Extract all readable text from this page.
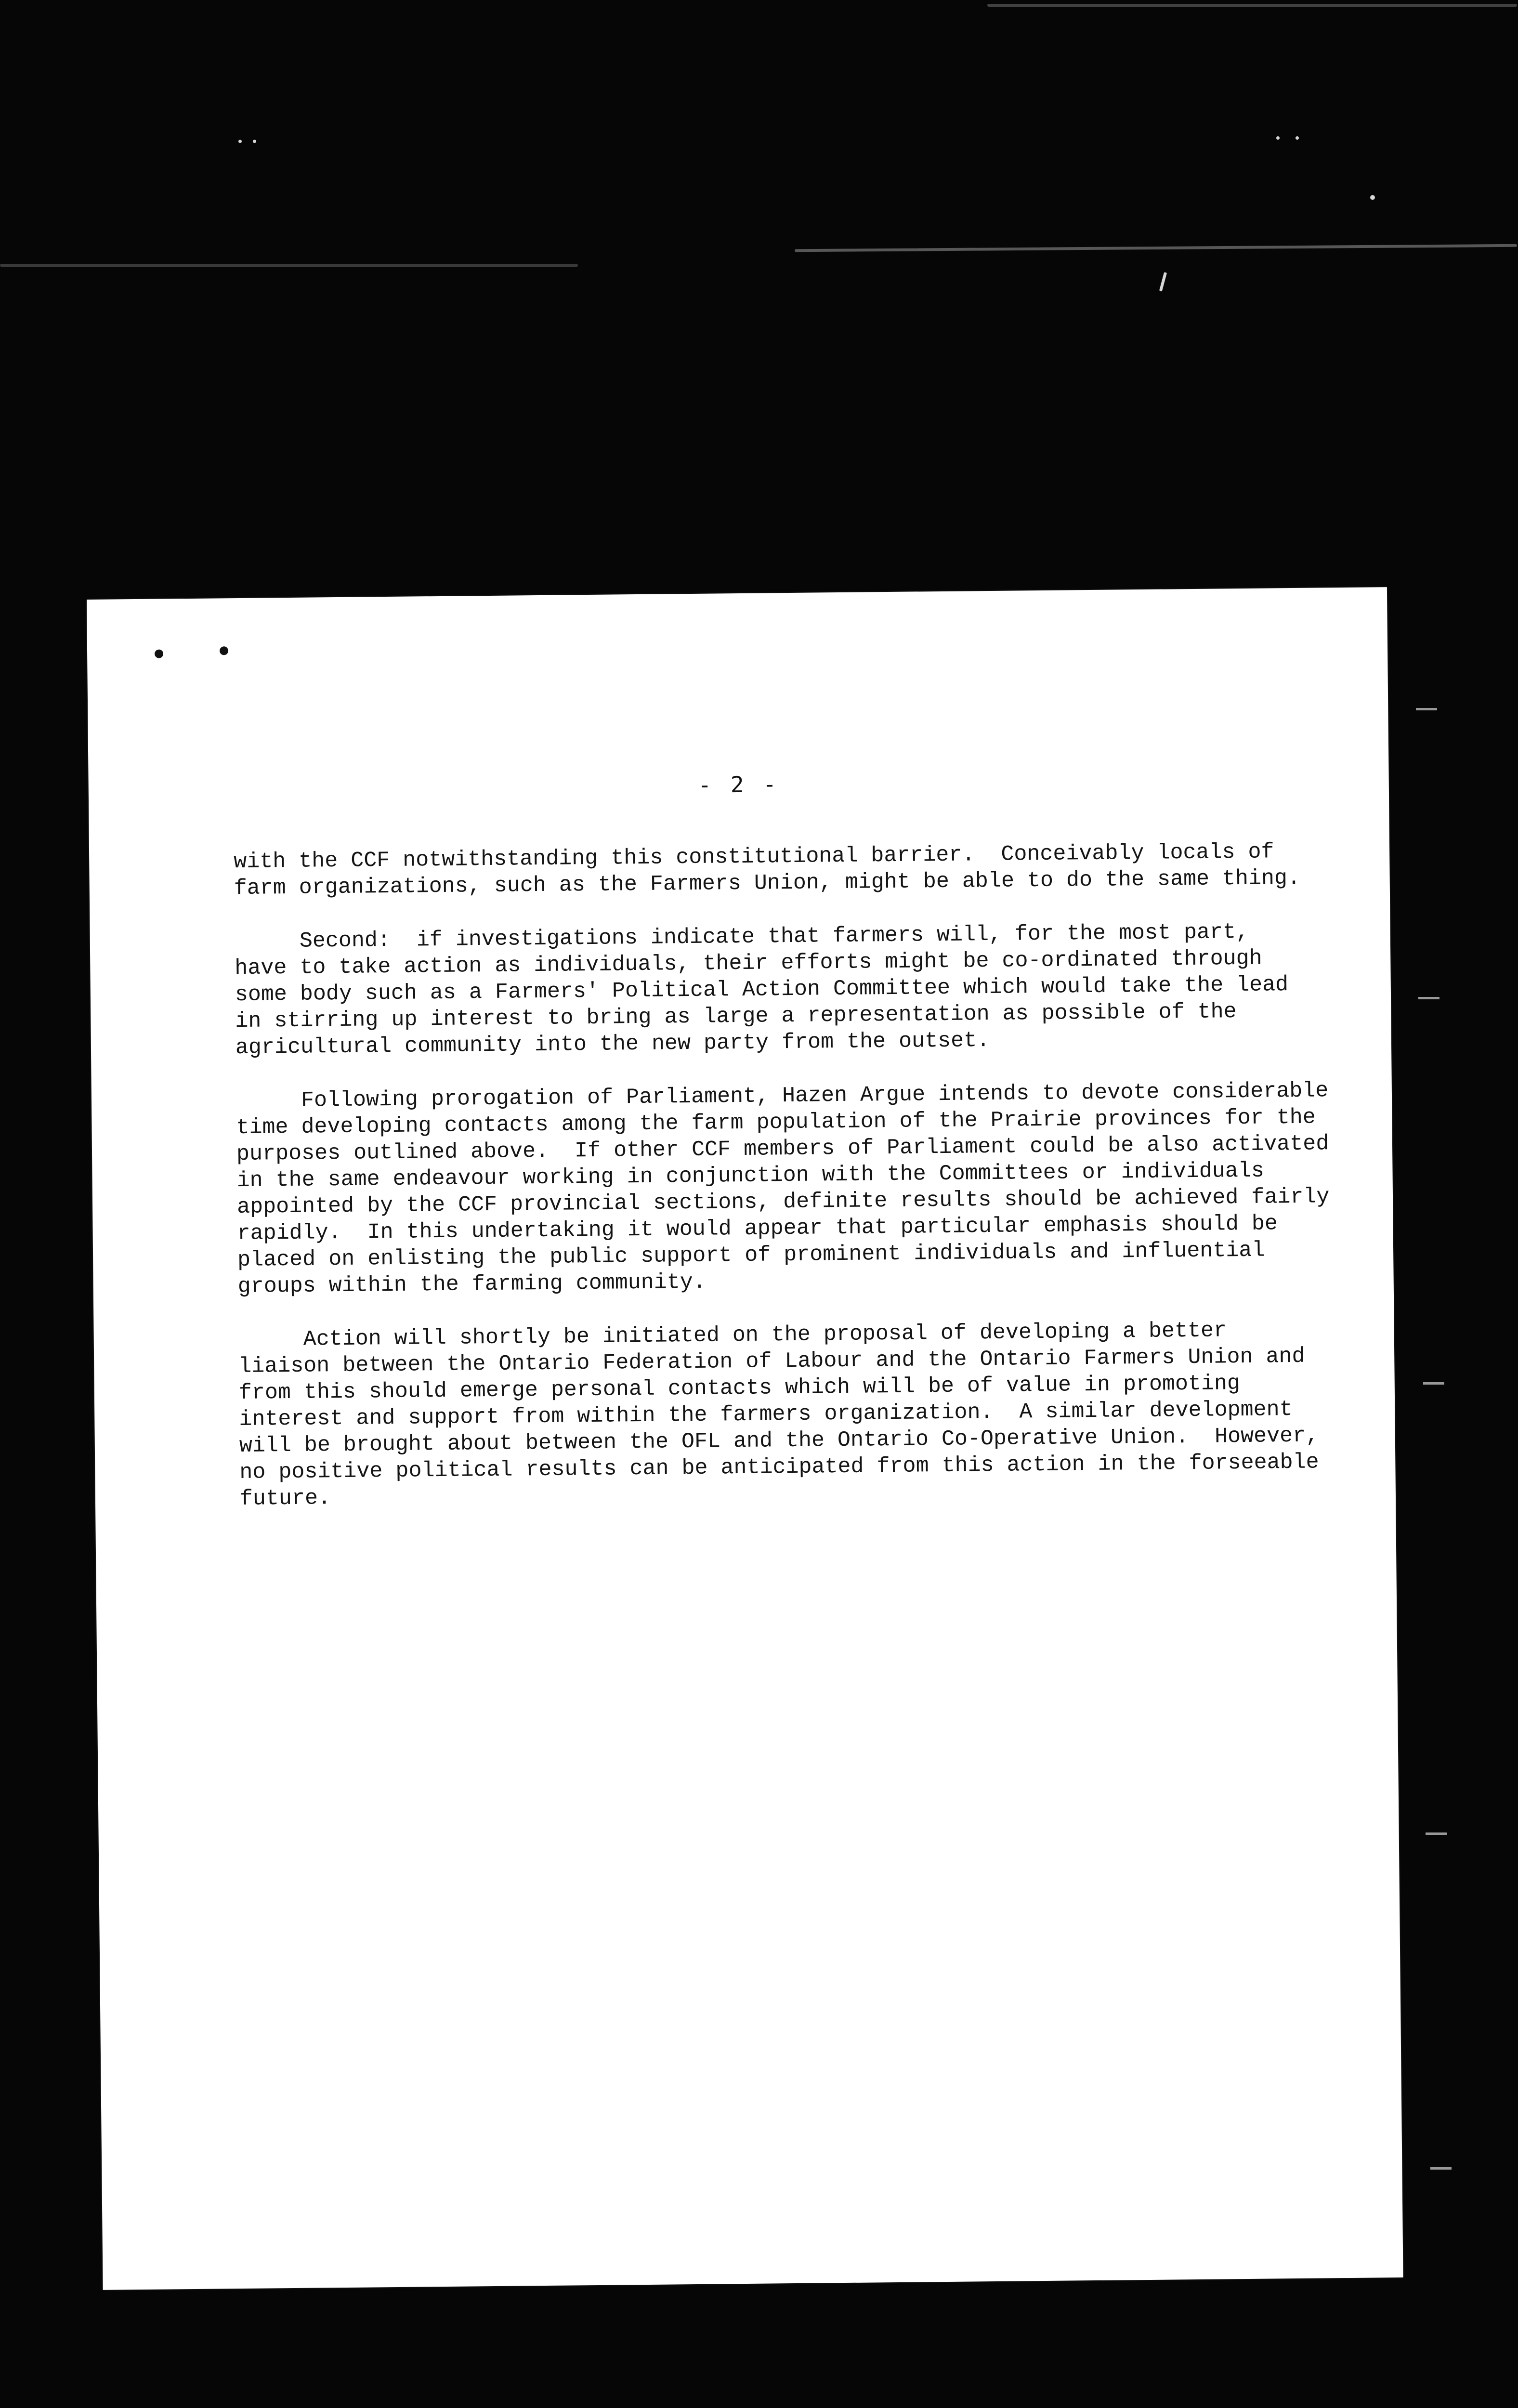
- 2 -
with the CCF notwithstanding this constitutional barrier.  Conceivably locals of
farm organizations, such as the Farmers Union, might be able to do the same thing.
Second:  if investigations indicate that farmers will, for the most part,
have to take action as individuals, their efforts might be co-ordinated through
some body such as a Farmers' Political Action Committee which would take the lead
in stirring up interest to bring as large a representation as possible of the
agricultural community into the new party from the outset.
Following prorogation of Parliament, Hazen Argue intends to devote considerable
time developing contacts among the farm population of the Prairie provinces for the
purposes outlined above.  If other CCF members of Parliament could be also activated
in the same endeavour working in conjunction with the Committees or individuals
appointed by the CCF provincial sections, definite results should be achieved fairly
rapidly.  In this undertaking it would appear that particular emphasis should be
placed on enlisting the public support of prominent individuals and influential
groups within the farming community.
Action will shortly be initiated on the proposal of developing a better
liaison between the Ontario Federation of Labour and the Ontario Farmers Union and
from this should emerge personal contacts which will be of value in promoting
interest and support from within the farmers organization.  A similar development
will be brought about between the OFL and the Ontario Co-Operative Union.  However,
no positive political results can be anticipated from this action in the forseeable
future.
